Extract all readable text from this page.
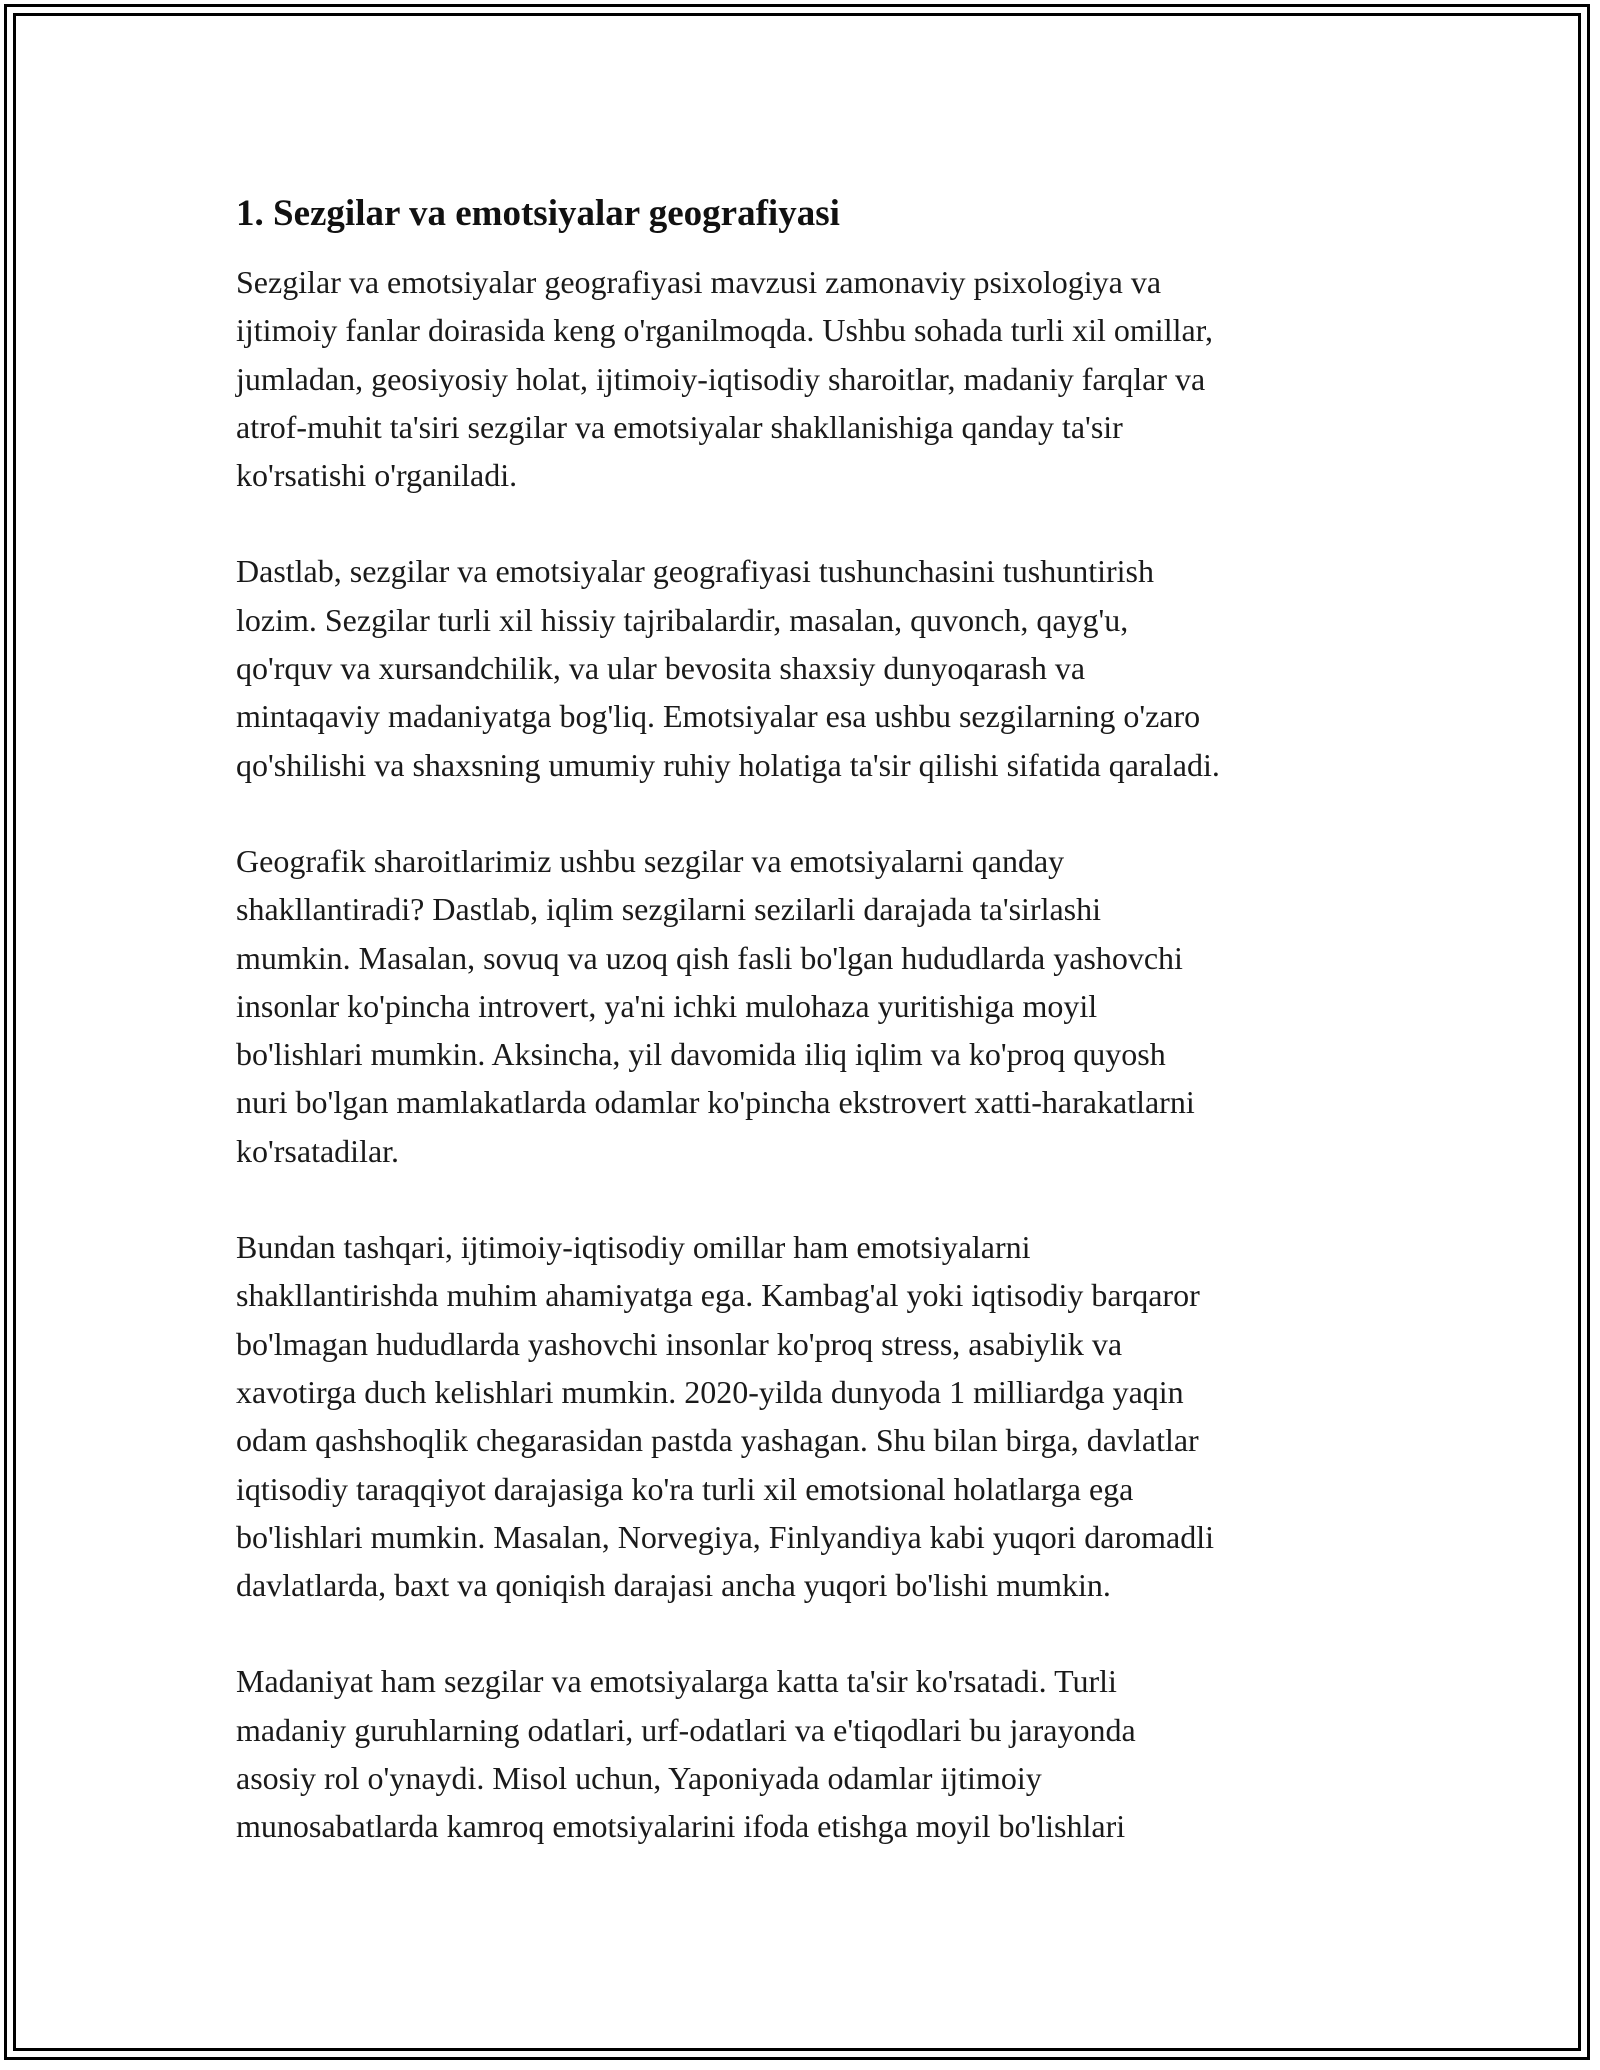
1. Sezgilar va emotsiyalar geografiyasi

Sezgilar va emotsiyalar geografiyasi mavzusi zamonaviy psixologiya va
ijtimoiy fanlar doirasida keng o'rganilmoqda. Ushbu sohada turli xil omillar,
jumladan, geosiyosiy holat, ijtimoiy-iqtisodiy sharoitlar, madaniy farqlar va
atrof-muhit ta'siri sezgilar va emotsiyalar shakllanishiga qanday ta'sir
ko'rsatishi o'rganiladi.

Dastlab, sezgilar va emotsiyalar geografiyasi tushunchasini tushuntirish
lozim. Sezgilar turli xil hissiy tajribalardir, masalan, quvonch, qayg'u,
qo'rquv va xursandchilik, va ular bevosita shaxsiy dunyoqarash va
mintaqaviy madaniyatga bog'liq. Emotsiyalar esa ushbu sezgilarning o'zaro
qo'shilishi va shaxsning umumiy ruhiy holatiga ta'sir qilishi sifatida qaraladi.

Geografik sharoitlarimiz ushbu sezgilar va emotsiyalarni qanday
shakllantiradi? Dastlab, iqlim sezgilarni sezilarli darajada ta'sirlashi
mumkin. Masalan, sovuq va uzoq qish fasli bo'lgan hududlarda yashovchi
insonlar ko'pincha introvert, ya'ni ichki mulohaza yuritishiga moyil
bo'lishlari mumkin. Aksincha, yil davomida iliq iqlim va ko'proq quyosh
nuri bo'lgan mamlakatlarda odamlar ko'pincha ekstrovert xatti-harakatlarni
ko'rsatadilar.

Bundan tashqari, ijtimoiy-iqtisodiy omillar ham emotsiyalarni
shakllantirishda muhim ahamiyatga ega. Kambag'al yoki iqtisodiy barqaror
bo'lmagan hududlarda yashovchi insonlar ko'proq stress, asabiylik va
xavotirga duch kelishlari mumkin. 2020-yilda dunyoda 1 milliardga yaqin
odam qashshoqlik chegarasidan pastda yashagan. Shu bilan birga, davlatlar
iqtisodiy taraqqiyot darajasiga ko'ra turli xil emotsional holatlarga ega
bo'lishlari mumkin. Masalan, Norvegiya, Finlyandiya kabi yuqori daromadli
davlatlarda, baxt va qoniqish darajasi ancha yuqori bo'lishi mumkin.

Madaniyat ham sezgilar va emotsiyalarga katta ta'sir ko'rsatadi. Turli
madaniy guruhlarning odatlari, urf-odatlari va e'tiqodlari bu jarayonda
asosiy rol o'ynaydi. Misol uchun, Yaponiyada odamlar ijtimoiy
munosabatlarda kamroq emotsiyalarini ifoda etishga moyil bo'lishlari
